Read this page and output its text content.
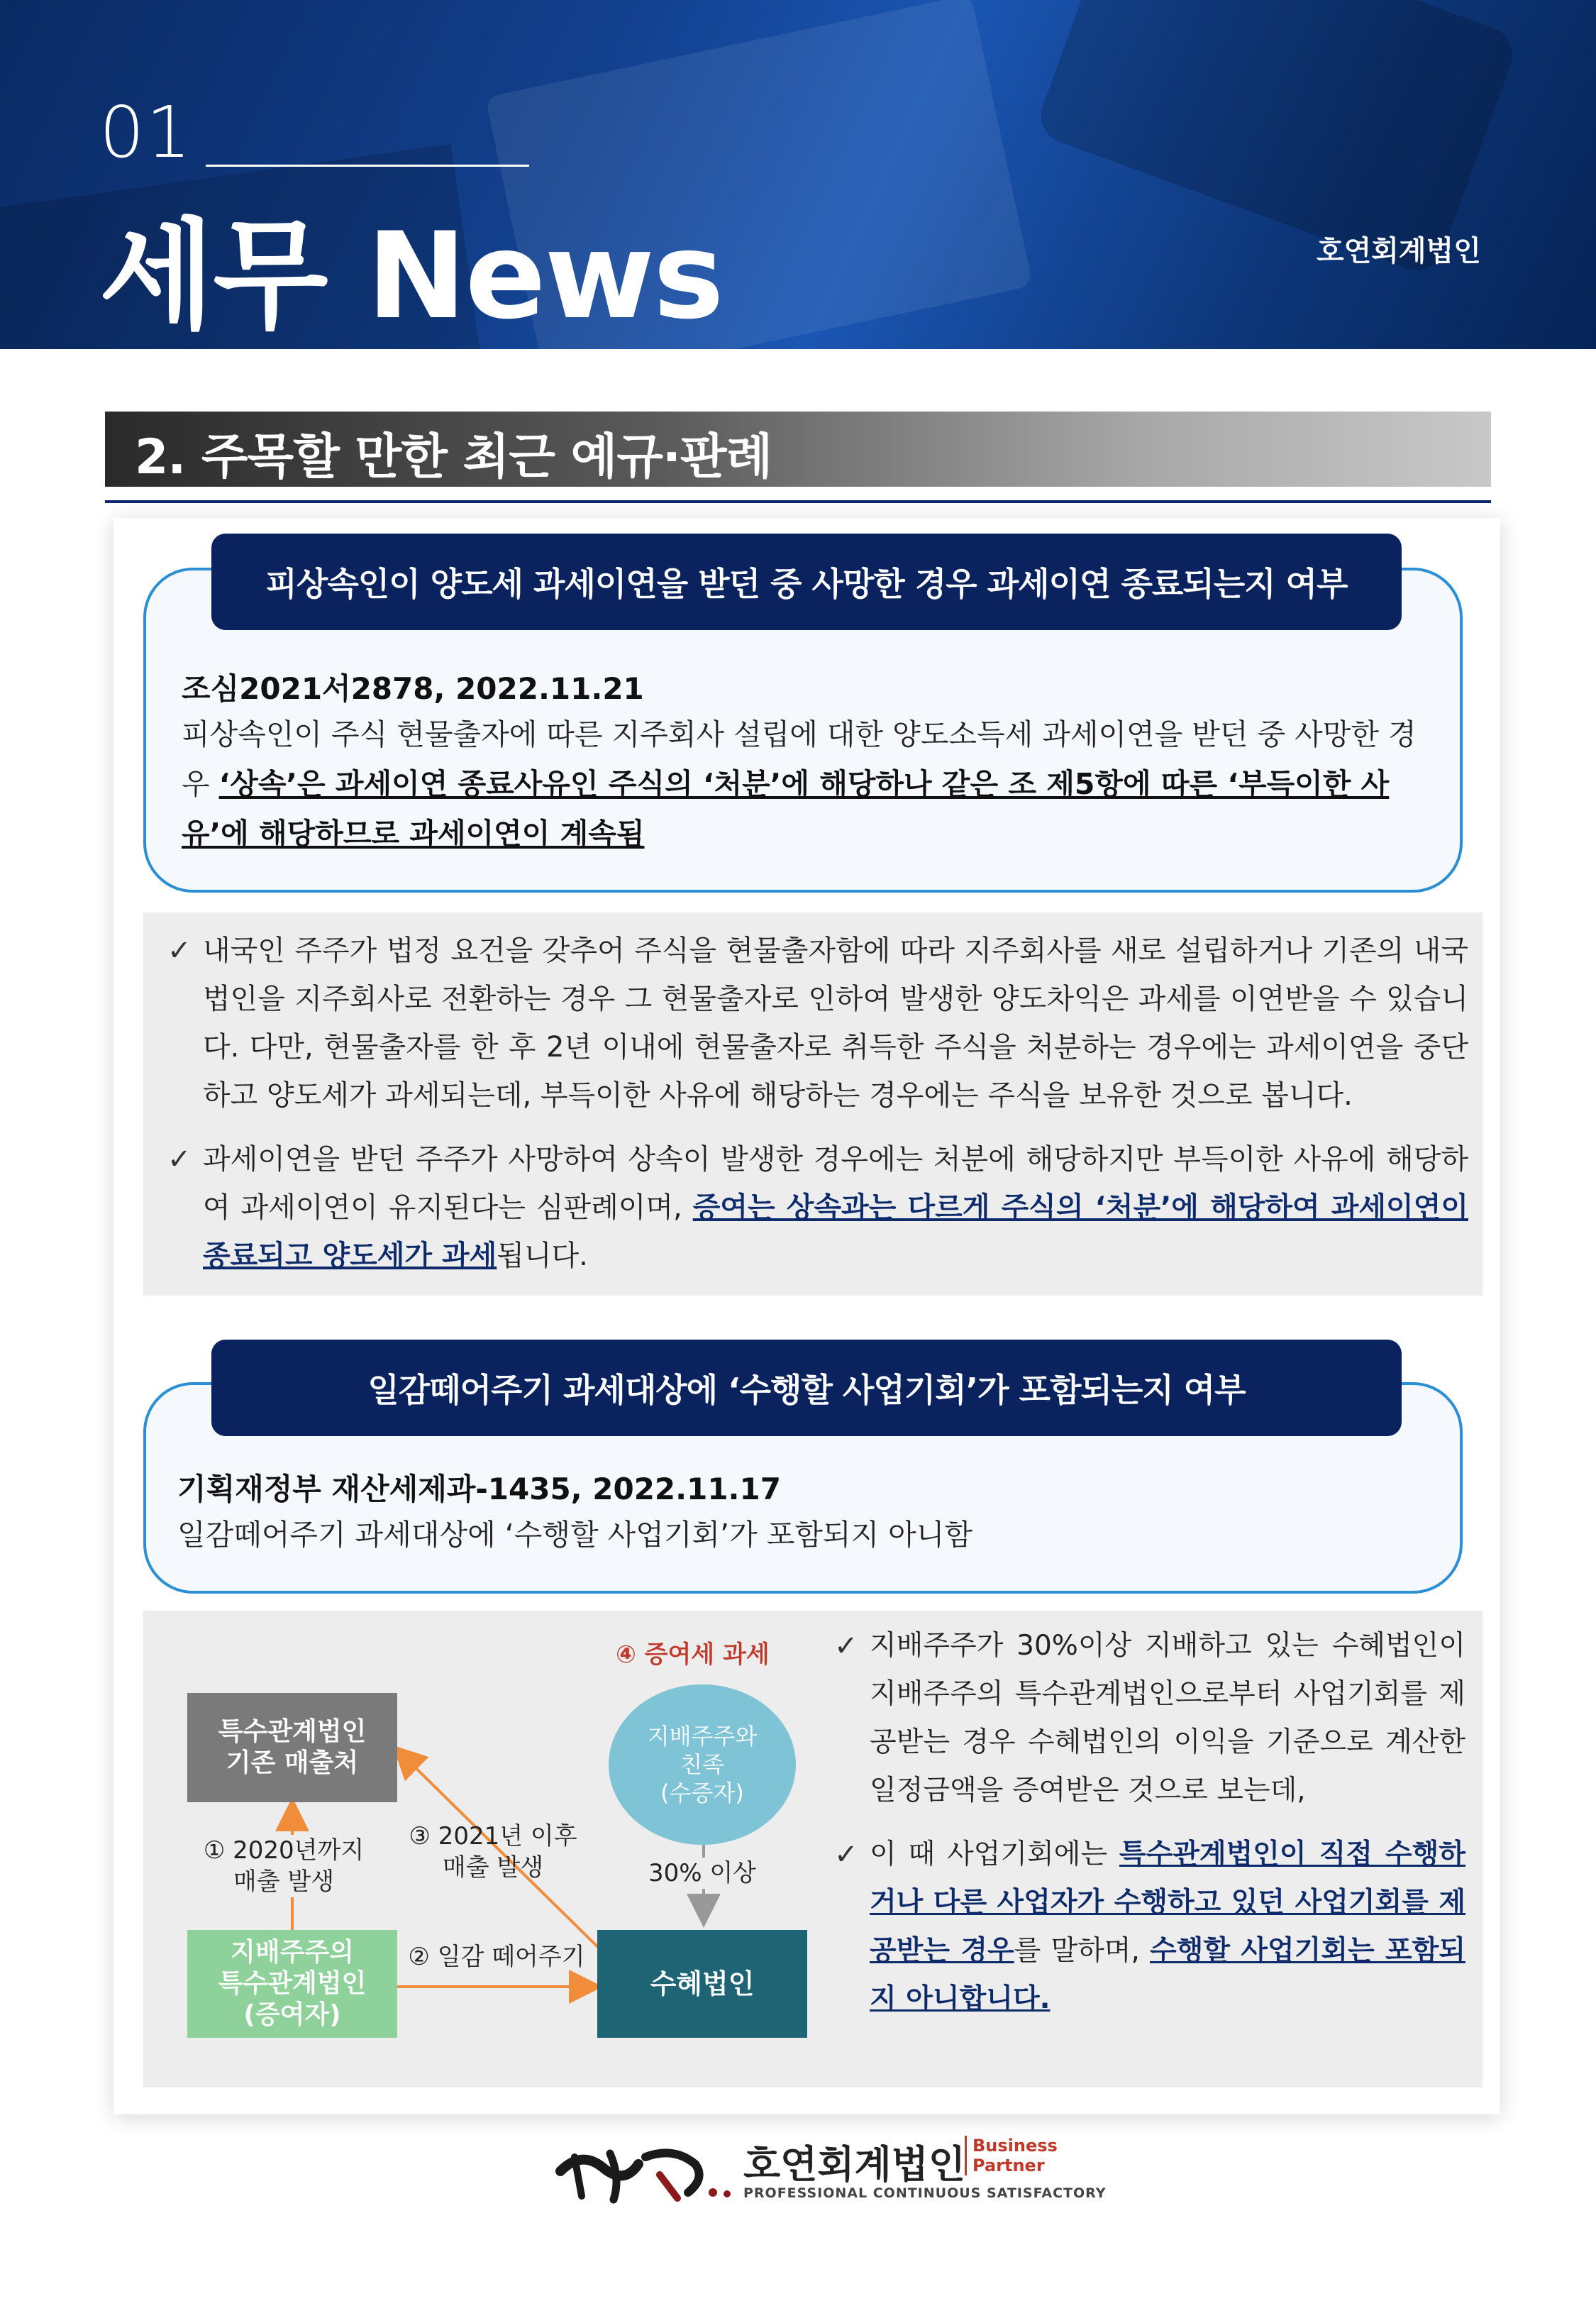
01
세무 News	호연회계법인
2. 주목할 만한 최근 예규·판례
피상속인이 양도세 과세이연을 받던 중 사망한 경우 과세이연 종료되는지 여부
조심2021서2878, 2022.11.21
피상속인이 주식 현물출자에 따른 지주회사 설립에 대한 양도소득세 과세이연을 받던 중 사망한 경우 ‘상속’은 과세이연 종료사유인 주식의 ‘처분’에 해당하나 같은 조 제5항에 따른 ‘부득이한 사유’에 해당하므로 과세이연이 계속됨
✓ 내국인 주주가 법정 요건을 갖추어 주식을 현물출자함에 따라 지주회사를 새로 설립하거나 기존의 내국법인을 지주회사로 전환하는 경우 그 현물출자로 인하여 발생한 양도차익은 과세를 이연받을 수 있습니다. 다만, 현물출자를 한 후 2년 이내에 현물출자로 취득한 주식을 처분하는 경우에는 과세이연을 중단하고 양도세가 과세되는데, 부득이한 사유에 해당하는 경우에는 주식을 보유한 것으로 봅니다.
✓ 과세이연을 받던 주주가 사망하여 상속이 발생한 경우에는 처분에 해당하지만 부득이한 사유에 해당하여 과세이연이 유지된다는 심판례이며, 증여는 상속과는 다르게 주식의 ‘처분’에 해당하여 과세이연이 종료되고 양도세가 과세됩니다.
일감떼어주기 과세대상에 ‘수행할 사업기회’가 포함되는지 여부
기획재정부 재산세제과-1435, 2022.11.17
일감떼어주기 과세대상에 ‘수행할 사업기회’가 포함되지 아니함
④ 증여세 과세
특수관계법인
기존 매출처
지배주주의
특수관계법인
(증여자)
수혜법인
지배주주와
친족
(수증자)
① 2020년까지
매출 발생
③ 2021년 이후
매출 발생
② 일감 떼어주기
30% 이상
✓ 지배주주가 30%이상 지배하고 있는 수혜법인이 지배주주의 특수관계법인으로부터 사업기회를 제공받는 경우 수혜법인의 이익을 기준으로 계산한 일정금액을 증여받은 것으로 보는데,
✓ 이 때 사업기회에는 특수관계법인이 직접 수행하거나 다른 사업자가 수행하고 있던 사업기회를 제공받는 경우를 말하며, 수행할 사업기회는 포함되지 아니합니다.
호연회계법인 Business
Partner
PROFESSIONAL CONTINUOUS SATISFACTORY
